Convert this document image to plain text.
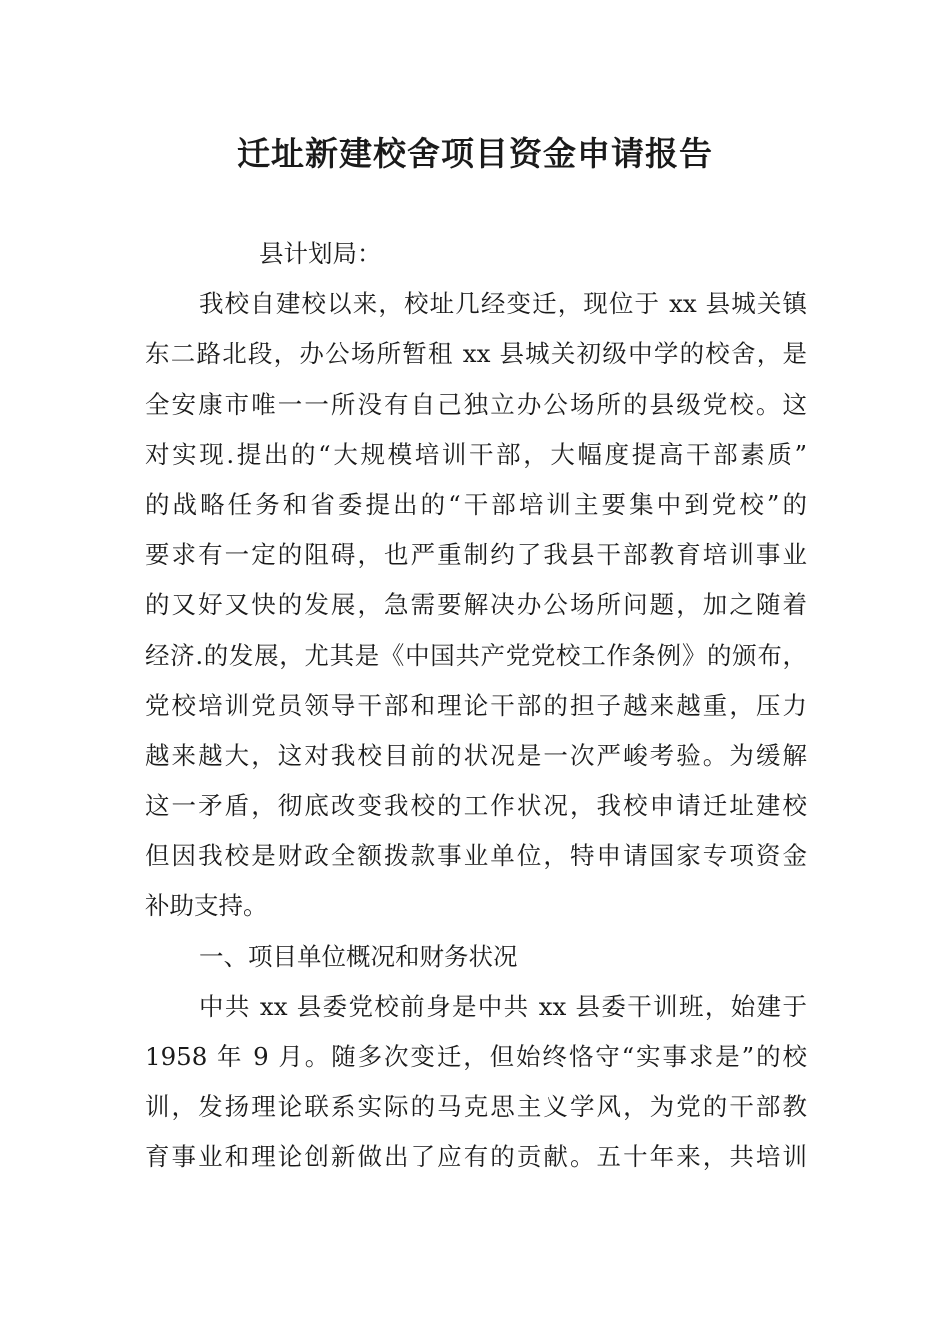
迁址新建校舍项目资金申请报告
县计划局：
我校自建校以来，校址几经变迁，现位于 xx 县城关镇
东二路北段，办公场所暂租 xx 县城关初级中学的校舍，是
全安康市唯一一所没有自己独立办公场所的县级党校。这
对实现.提出的“大规模培训干部，大幅度提高干部素质”
的战略任务和省委提出的“干部培训主要集中到党校”的
要求有一定的阻碍，也严重制约了我县干部教育培训事业
的又好又快的发展，急需要解决办公场所问题，加之随着
经济.的发展，尤其是《中国共产党党校工作条例》的颁布，
党校培训党员领导干部和理论干部的担子越来越重，压力
越来越大，这对我校目前的状况是一次严峻考验。为缓解
这一矛盾，彻底改变我校的工作状况，我校申请迁址建校
但因我校是财政全额拨款事业单位，特申请国家专项资金
补助支持。
一、项目单位概况和财务状况
中共 xx 县委党校前身是中共 xx 县委干训班，始建于
1958 年 9 月。随多次变迁，但始终恪守“实事求是”的校
训，发扬理论联系实际的马克思主义学风，为党的干部教
育事业和理论创新做出了应有的贡献。五十年来，共培训
